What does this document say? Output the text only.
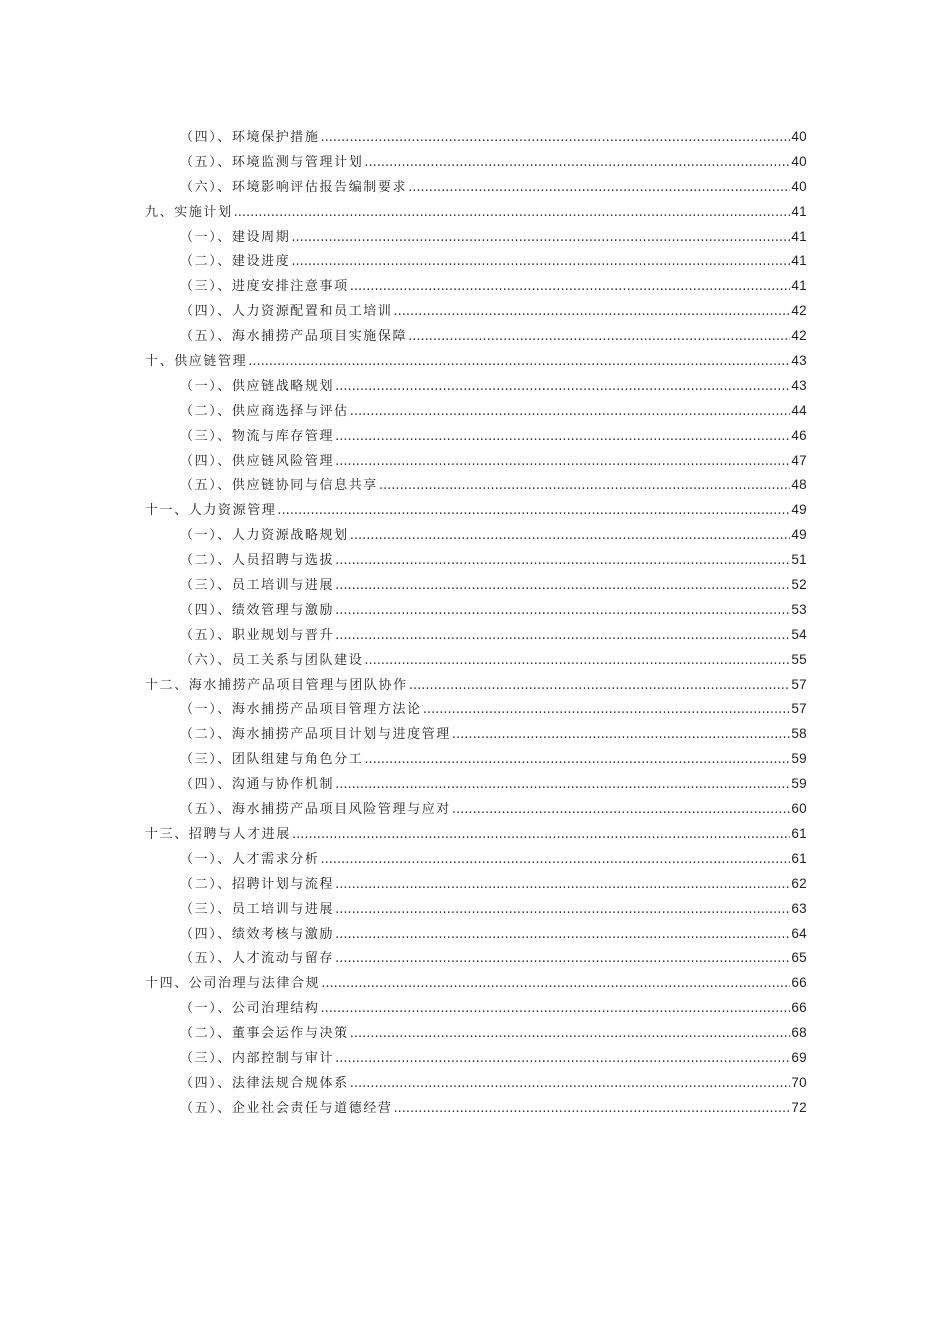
（四）、环境保护措施 .....	40
（五）、环境监测与管理计划 .....	40
（六）、环境影响评估报告编制要求 .....	40
九、实施计划 .....	41
（一）、建设周期 .....	41
（二）、建设进度 .....	41
（三）、进度安排注意事项 .....	41
（四）、人力资源配置和员工培训 .....	42
（五）、海水捕捞产品项目实施保障 .....	42
十、供应链管理 .....	43
（一）、供应链战略规划 .....	43
（二）、供应商选择与评估 .....	44
（三）、物流与库存管理 .....	46
（四）、供应链风险管理 .....	47
（五）、供应链协同与信息共享 .....	48
十一、人力资源管理 .....	49
（一）、人力资源战略规划 .....	49
（二）、人员招聘与选拔 .....	51
（三）、员工培训与进展 .....	52
（四）、绩效管理与激励 .....	53
（五）、职业规划与晋升 .....	54
（六）、员工关系与团队建设 .....	55
十二、海水捕捞产品项目管理与团队协作 .....	57
（一）、海水捕捞产品项目管理方法论 .....	57
（二）、海水捕捞产品项目计划与进度管理 .....	58
（三）、团队组建与角色分工 .....	59
（四）、沟通与协作机制 .....	59
（五）、海水捕捞产品项目风险管理与应对 .....	60
十三、招聘与人才进展 .....	61
（一）、人才需求分析 .....	61
（二）、招聘计划与流程 .....	62
（三）、员工培训与进展 .....	63
（四）、绩效考核与激励 .....	64
（五）、人才流动与留存 .....	65
十四、公司治理与法律合规 .....	66
（一）、公司治理结构 .....	66
（二）、董事会运作与决策 .....	68
（三）、内部控制与审计 .....	69
（四）、法律法规合规体系 .....	70
（五）、企业社会责任与道德经营 .....	72
